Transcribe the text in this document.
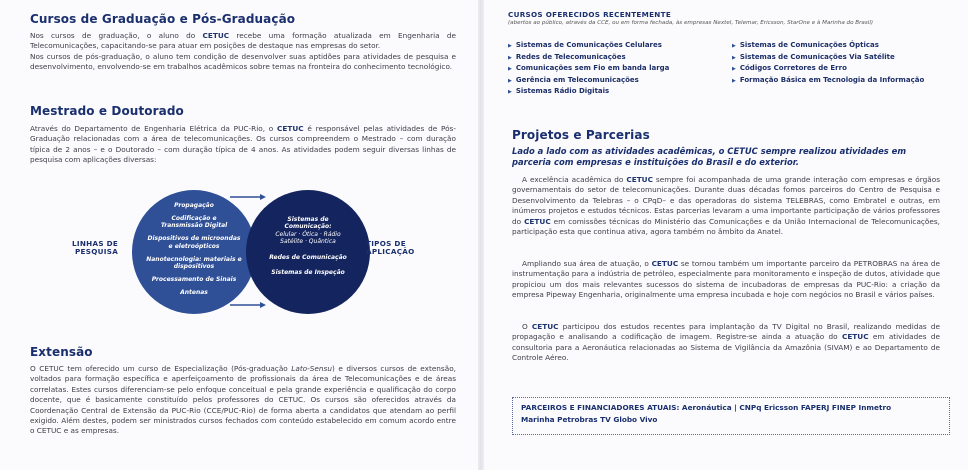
Cursos de Graduação e Pós-Graduação

Nos cursos de graduação, o aluno do CETUC recebe uma formação atualizada em Engenharia de Telecomunicações, capacitando-se para atuar em posições de destaque nas empresas do setor.

Nos cursos de pós-graduação, o aluno tem condição de desenvolver suas aptidões para atividades de pesquisa e desenvolvimento, envolvendo-se em trabalhos acadêmicos sobre temas na fronteira do conhecimento tecnológico.

Mestrado e Doutorado

Através do Departamento de Engenharia Elétrica da PUC-Rio, o CETUC é responsável pelas atividades de Pós-Graduação relacionadas com a área de telecomunicações. Os cursos compreendem o Mestrado – com duração típica de 2 anos – e o Doutorado – com duração típica de 4 anos. As atividades podem seguir diversas linhas de pesquisa com aplicações diversas:

LINHAS DE
PESQUISA
Propagação
Codificação e Transmissão Digital
Dispositivos de microondas e eletroópticos
Nanotecnologia: materiais e dispositivos
Processamento de Sinais
Antenas
Sistemas de Comunicação:
Celular · Ótica · Rádio Satélite · Quântica
Redes de Comunicação
Sistemas de Inspeção
TIPOS DE
APLICAÇÃO
Extensão

O CETUC tem oferecido um curso de Especialização (Pós-graduação Lato-Sensu) e diversos cursos de extensão, voltados para formação específica e aperfeiçoamento de profissionais da área de Telecomunicações e de áreas correlatas. Estes cursos diferenciam-se pelo enfoque conceitual e pela grande experiência e qualificação do corpo docente, que é basicamente constituído pelos professores do CETUC. Os cursos são oferecidos através da Coordenação Central de Extensão da PUC-Rio (CCE/PUC-Rio) de forma aberta a candidatos que atendam ao perfil exigido. Além destes, podem ser ministrados cursos fechados com conteúdo estabelecido em comum acordo entre o CETUC e as empresas.

CURSOS OFERECIDOS RECENTEMENTE
(abertos ao público, através da CCE, ou em forma fechada, às empresas Nextel, Telemar, Ericsson, StarOne e à Marinha do Brasil)
▶ Sistemas de Comunicações Celulares
▶ Redes de Telecomunicações
▶ Comunicações sem Fio em banda larga
▶ Gerência em Telecomunicações
▶ Sistemas Rádio Digitais
▶ Sistemas de Comunicações Ópticas
▶ Sistemas de Comunicações Via Satélite
▶ Códigos Corretores de Erro
▶ Formação Básica em Tecnologia da Informação
Projetos e Parcerias
Lado a lado com as atividades acadêmicas, o CETUC sempre realizou atividades em parceria com empresas e instituições do Brasil e do exterior.

A excelência acadêmica do CETUC sempre foi acompanhada de uma grande interação com empresas e órgãos governamentais do setor de telecomunicações. Durante duas décadas fomos parceiros do Centro de Pesquisa e Desenvolvimento da Telebras – o CPqD– e das operadoras do sistema TELEBRAS, como Embratel e outras, em inúmeros projetos e estudos técnicos. Estas parcerias levaram a uma importante participação de vários professores do CETUC em comissões técnicas do Ministério das Comunicações e da União Internacional de Telecomunicações, participação esta que continua ativa, agora também no âmbito da Anatel.

Ampliando sua área de atuação, o CETUC se tornou também um importante parceiro da PETROBRAS na área de instrumentação para a indústria de petróleo, especialmente para monitoramento e inspeção de dutos, atividade que propiciou um dos mais relevantes sucessos do sistema de incubadoras de empresas da PUC-Rio: a criação da empresa Pipeway Engenharia, originalmente uma empresa incubada e hoje com negócios no Brasil e vários países.

O CETUC participou dos estudos recentes para implantação da TV Digital no Brasil, realizando medidas de propagação e analisando a codificação de imagem. Registre-se ainda a atuação do CETUC em atividades de consultoria para a Aeronáutica relacionadas ao Sistema de Vigilância da Amazônia (SIVAM) e ao Departamento de Controle Aéreo.

PARCEIROS E FINANCIADORES ATUAIS: Aeronáutica | CNPq Ericsson FAPERJ FINEP Inmetro
Marinha Petrobras TV Globo Vivo
